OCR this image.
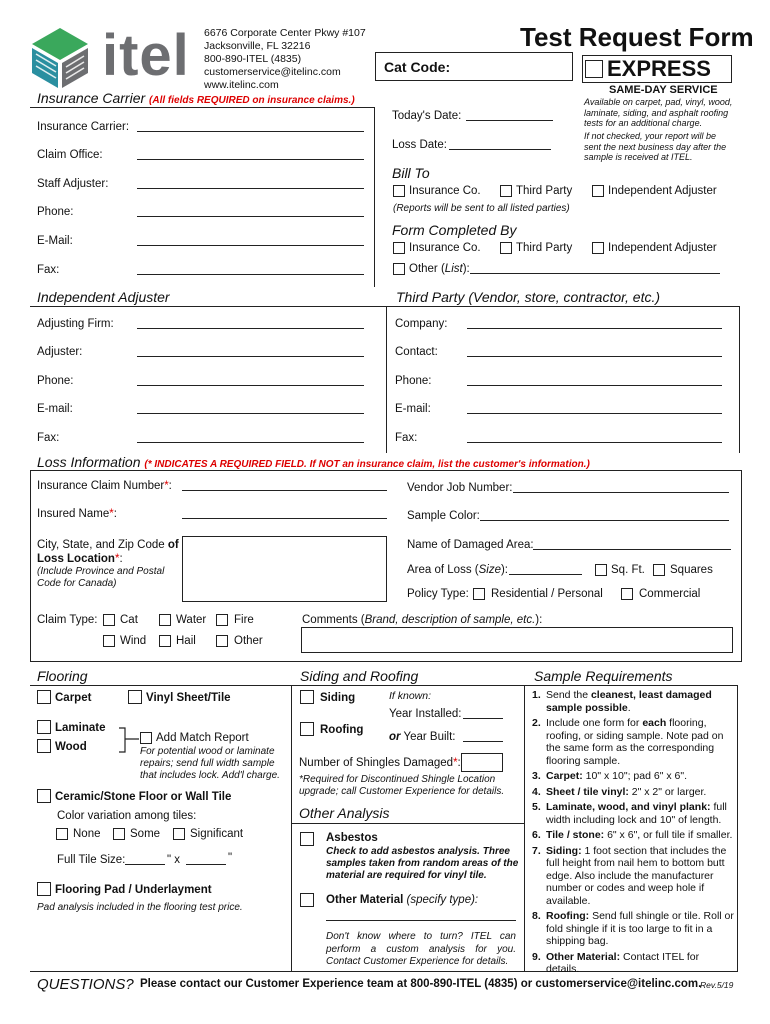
itel 6676 Corporate Center Pkwy #107
Jacksonville, FL 32216
800-890-ITEL (4835)
customerservice@itelinc.com
www.itelinc.com
Test Request Form
Cat Code:	EXPRESS
SAME-DAY SERVICE
Available on carpet, pad, vinyl, wood, laminate, siding, and asphalt roofing tests for an additional charge.
If not checked, your report will be sent the next business day after the sample is received at ITEL.
Insurance Carrier (All fields REQUIRED on insurance claims.)
Insurance Carrier:
Claim Office:
Staff Adjuster:
Phone:
E-Mail:
Fax:
Today's Date:
Loss Date:
Bill To
Insurance Co.	Third Party	Independent Adjuster
(Reports will be sent to all listed parties)
Form Completed By
Insurance Co.	Third Party	Independent Adjuster
Other (List):
Independent Adjuster	Third Party (Vendor, store, contractor, etc.)
Adjusting Firm:
Adjuster:
Phone:
E-mail:
Fax:
Company:
Contact:
Phone:
E-mail:
Fax:
Loss Information (* INDICATES A REQUIRED FIELD. If NOT an insurance claim, list the customer's information.)
Insurance Claim Number*:
Insured Name*:
City, State, and Zip Code of
Loss Location*:
(Include Province and Postal Code for Canada)
Vendor Job Number:
Sample Color:
Name of Damaged Area:
Area of Loss (Size):	Sq. Ft. Squares
Policy Type: Residential / Personal	Commercial
Claim Type: Cat	Water Fire
Wind	Hail	Other
Comments (Brand, description of sample, etc.):
Flooring	Siding and Roofing	Sample Requirements
Carpet	Vinyl Sheet/Tile
Laminate
Wood
Add Match Report
For potential wood or laminate repairs; send full width sample that includes lock. Add'l charge.
Ceramic/Stone Floor or Wall Tile
Color variation among tiles:
None	Some	Significant
Full Tile Size:	" x	"
Flooring Pad / Underlayment
Pad analysis included in the flooring test price.
Siding	If known:
Year Installed:
Roofing
or Year Built:
Number of Shingles Damaged*:
*Required for Discontinued Shingle Location upgrade; call Customer Experience for details.
Other Analysis
Asbestos
Check to add asbestos analysis. Three samples taken from random areas of the material are required for vinyl tile.
Other Material (specify type):
Don't know where to turn? ITEL can perform a custom analysis for you. Contact Customer Experience for details.
1. Send the cleanest, least damaged sample possible.
2. Include one form for each flooring, roofing, or siding sample. Note pad on the same form as the corresponding flooring sample.
3. Carpet: 10" x 10"; pad 6" x 6".
4. Sheet / tile vinyl: 2" x 2" or larger.
5. Laminate, wood, and vinyl plank: full width including lock and 10" of length.
6. Tile / stone: 6" x 6", or full tile if smaller.
7. Siding: 1 foot section that includes the full height from nail hem to bottom butt edge. Also include the manufacturer number or codes and weep hole if available.
8. Roofing: Send full shingle or tile. Roll or fold shingle if it is too large to fit in a shipping bag.
9. Other Material: Contact ITEL for details.
QUESTIONS? Please contact our Customer Experience team at 800-890-ITEL (4835) or customerservice@itelinc.com.
Rev.5/19
